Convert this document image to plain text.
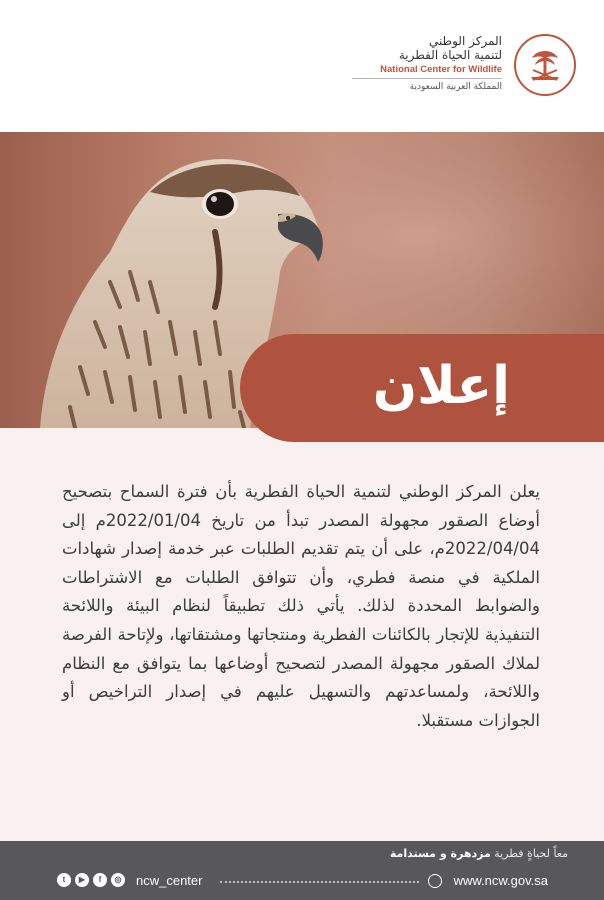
المركز الوطني
لتنمية الحياة الفطرية
National Center for Wildlife
المملكة العربية السعودية
إعلان
يعلن المركز الوطني لتنمية الحياة الفطرية بأن فترة السماح بتصحيح أوضاع الصقور مجهولة المصدر تبدأ من تاريخ 2022/01/04م إلى 2022/04/04م، على أن يتم تقديم الطلبات عبر خدمة إصدار شهادات الملكية في منصة فطري، وأن تتوافق الطلبات مع الاشتراطات والضوابط المحددة لذلك. يأتي ذلك تطبيقاً لنظام البيئة واللائحة التنفيذية للإتجار بالكائنات الفطرية ومنتجاتها ومشتقاتها، ولإتاحة الفرصة لملاك الصقور مجهولة المصدر لتصحيح أوضاعها بما يتوافق مع النظام واللائحة، ولمساعدتهم والتسهيل عليهم في إصدار التراخيص أو الجوازات مستقبلا.
معاً لحياةٍ فطرية مزدهرة و مستدامة
www.ncw.gov.sa
ncw_center
t	▶	f	◎
